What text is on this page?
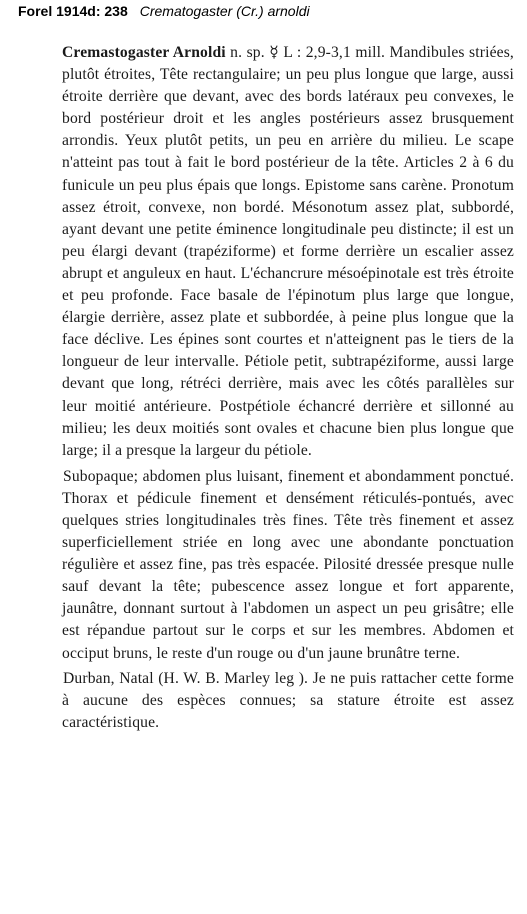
Forel 1914d: 238 Crematogaster (Cr.) arnoldi

Cremastogaster Arnoldi n. sp. ☿ L : 2,9-3,1 mill. Mandibules striées, plutôt étroites, Tête rectangulaire; un peu plus longue que large, aussi étroite derrière que devant, avec des bords latéraux peu convexes, le bord postérieur droit et les angles postérieurs assez brusquement arrondis. Yeux plutôt petits, un peu en arrière du milieu. Le scape n'atteint pas tout à fait le bord postérieur de la tête. Articles 2 à 6 du funicule un peu plus épais que longs. Epistome sans carène. Pronotum assez étroit, convexe, non bordé. Mésonotum assez plat, subbordé, ayant devant une petite éminence longitudinale peu distincte; il est un peu élargi devant (trapéziforme) et forme derrière un escalier assez abrupt et anguleux en haut. L'échancrure mésoépinotale est très étroite et peu profonde. Face basale de l'épinotum plus large que longue, élargie derrière, assez plate et subbordée, à peine plus longue que la face déclive. Les épines sont courtes et n'atteignent pas le tiers de la longueur de leur intervalle. Pétiole petit, subtrapéziforme, aussi large devant que long, rétréci derrière, mais avec les côtés parallèles sur leur moitié antérieure. Postpétiole échancré derrière et sillonné au milieu; les deux moitiés sont ovales et chacune bien plus longue que large; il a presque la largeur du pétiole.

Subopaque; abdomen plus luisant, finement et abondamment ponctué. Thorax et pédicule finement et densément réticulés-pontués, avec quelques stries longitudinales très fines. Tête très finement et assez superficiellement striée en long avec une abondante ponctuation régulière et assez fine, pas très espacée. Pilosité dressée presque nulle sauf devant la tête; pubescence assez longue et fort apparente, jaunâtre, donnant surtout à l'abdomen un aspect un peu grisâtre; elle est répandue partout sur le corps et sur les membres. Abdomen et occiput bruns, le reste d'un rouge ou d'un jaune brunâtre terne.

Durban, Natal (H. W. B. Marley leg ). Je ne puis rattacher cette forme à aucune des espèces connues; sa stature étroite est assez caractéristique.
